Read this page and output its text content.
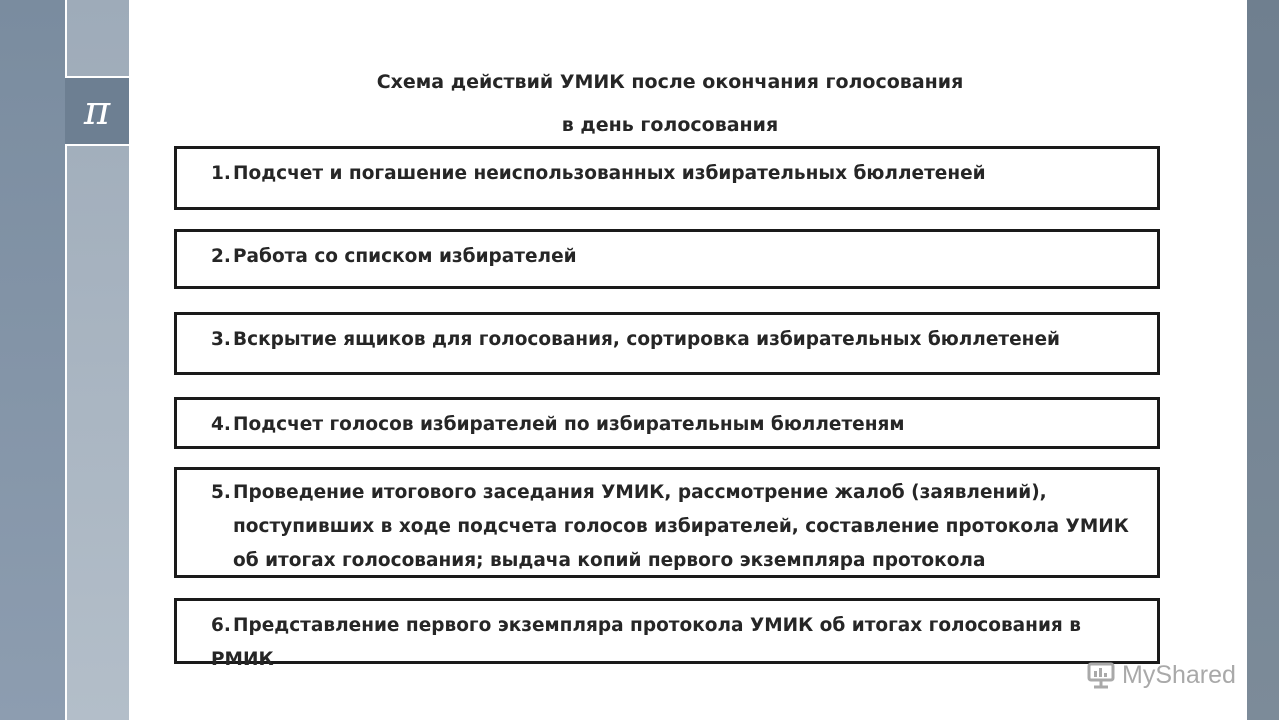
π
Схема действий УМИК после окончания голосования
в день голосования
1. Подсчет и погашение неиспользованных избирательных бюллетеней
2. Работа со списком избирателей
3. Вскрытие ящиков для голосования, сортировка избирательных бюллетеней
4. Подсчет голосов избирателей по избирательным бюллетеням
5. Проведение итогового заседания УМИК, рассмотрение жалоб (заявлений), поступивших в ходе подсчета голосов избирателей, составление протокола УМИК об итогах голосования; выдача копий первого экземпляра протокола
6. Представление первого экземпляра протокола УМИК об итогах голосования в РМИК
MyShared
